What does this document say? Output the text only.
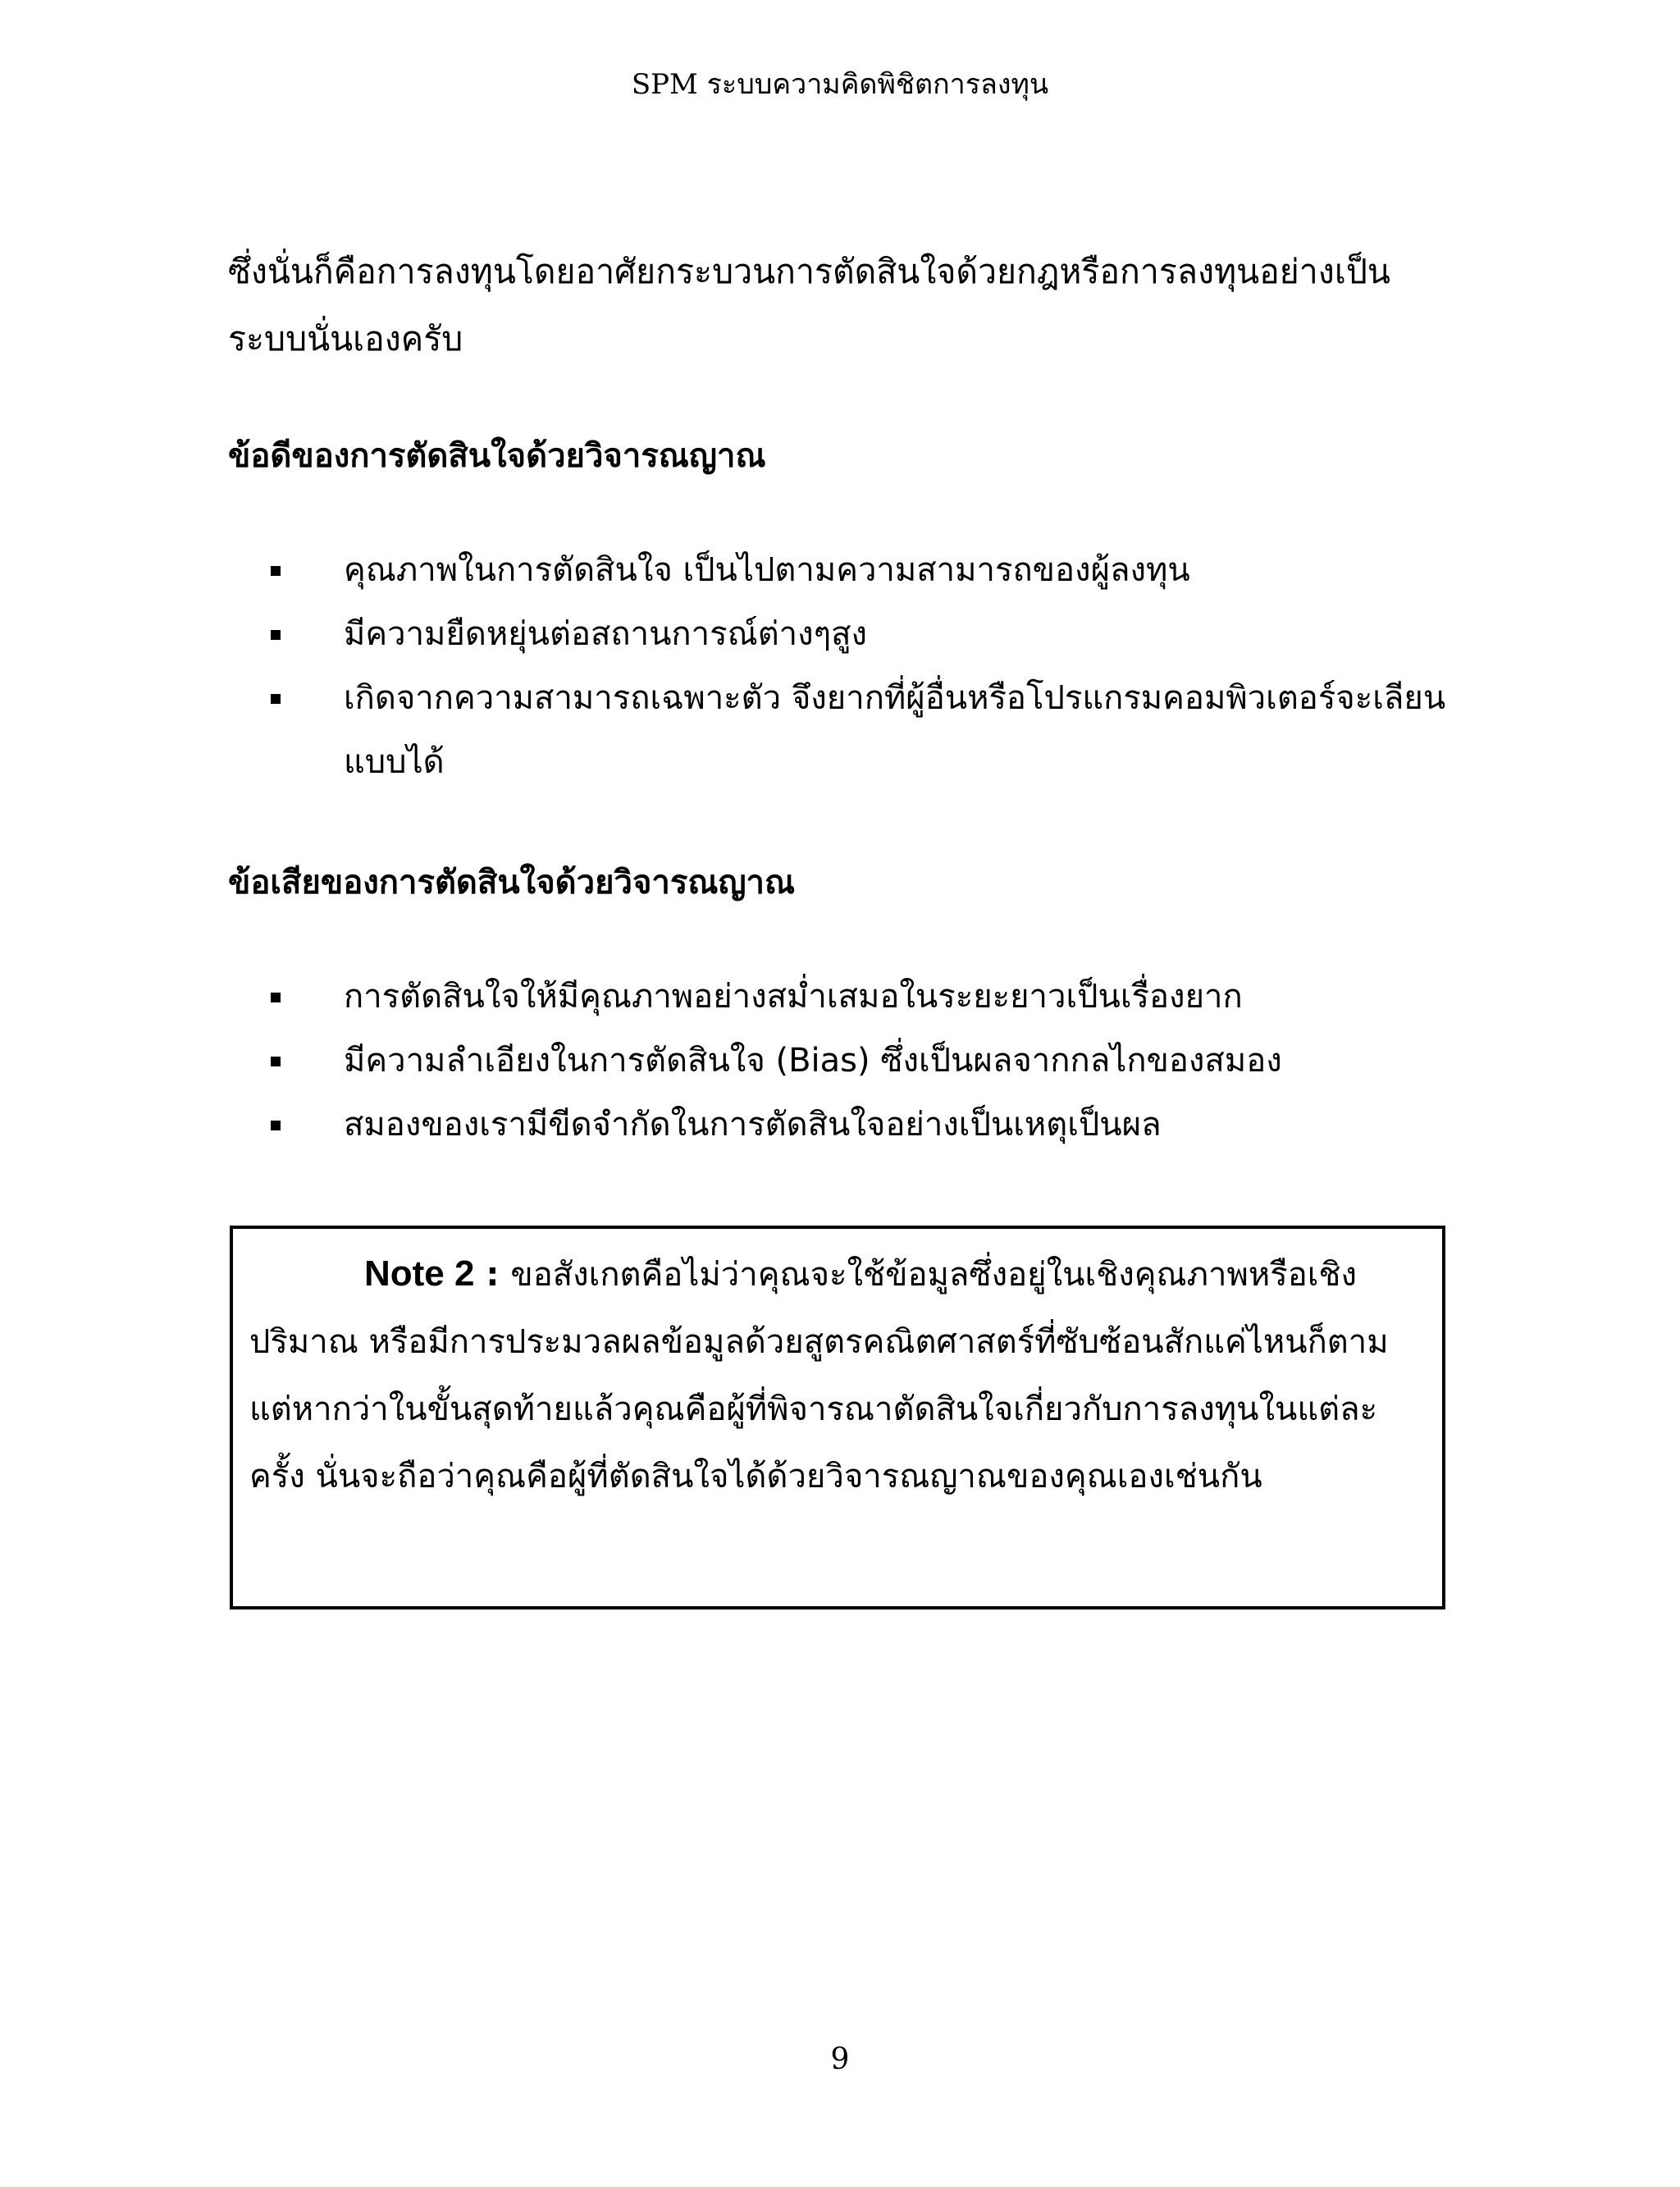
SPM ระบบความคิดพิชิตการลงทุน

ซึ่งนั่นก็คือการลงทุนโดยอาศัยกระบวนการตัดสินใจด้วยกฎหรือการลงทุนอย่างเป็นระบบนั่นเองครับ

ข้อดีของการตัดสินใจด้วยวิจารณญาณ
คุณภาพในการตัดสินใจ เป็นไปตามความสามารถของผู้ลงทุน
มีความยืดหยุ่นต่อสถานการณ์ต่างๆสูง
เกิดจากความสามารถเฉพาะตัว จึงยากที่ผู้อื่นหรือโปรแกรมคอมพิวเตอร์จะเลียนแบบได้
ข้อเสียของการตัดสินใจด้วยวิจารณญาณ
การตัดสินใจให้มีคุณภาพอย่างสม่ำเสมอในระยะยาวเป็นเรื่องยาก
มีความลำเอียงในการตัดสินใจ (Bias) ซึ่งเป็นผลจากกลไกของสมอง
สมองของเรามีขีดจำกัดในการตัดสินใจอย่างเป็นเหตุเป็นผล

Note 2 : ขอสังเกตคือไม่ว่าคุณจะใช้ข้อมูลซึ่งอยู่ในเชิงคุณภาพหรือเชิงปริมาณ หรือมีการประมวลผลข้อมูลด้วยสูตรคณิตศาสตร์ที่ซับซ้อนสักแค่ไหนก็ตาม แต่หากว่าในขั้นสุดท้ายแล้วคุณคือผู้ที่พิจารณาตัดสินใจเกี่ยวกับการลงทุนในแต่ละครั้ง นั่นจะถือว่าคุณคือผู้ที่ตัดสินใจได้ด้วยวิจารณญาณของคุณเองเช่นกัน

9
